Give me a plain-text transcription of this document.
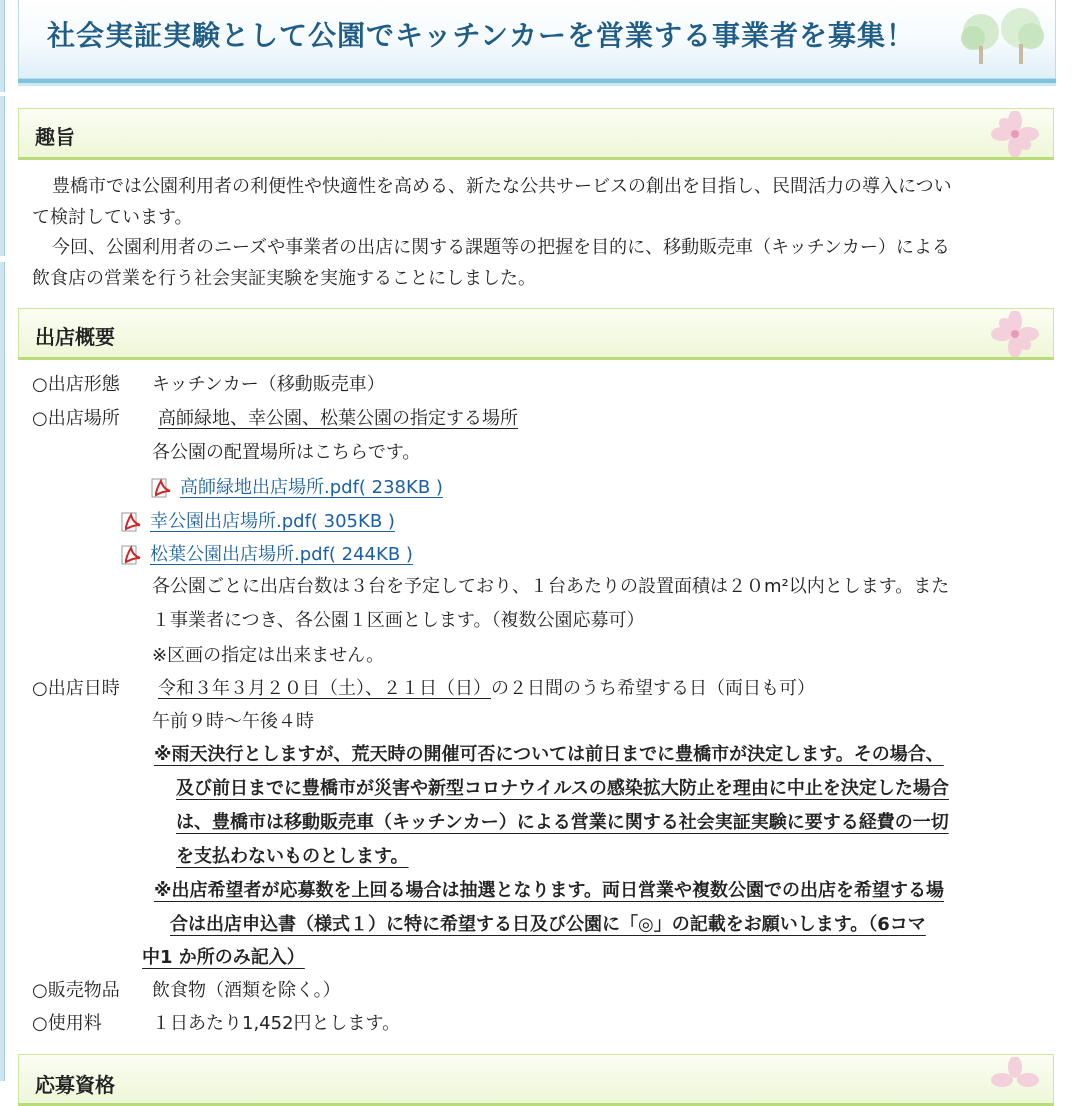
社会実証実験として公園でキッチンカーを営業する事業者を募集！
趣旨

豊橋市では公園利用者の利便性や快適性を高める、新たな公共サービスの創出を目指し、民間活力の導入につい
て検討しています。

今回、公園利用者のニーズや事業者の出店に関する課題等の把握を目的に、移動販売車（キッチンカー）による
飲食店の営業を行う社会実証実験を実施することにしました。

出店概要
○出店形態 キッチンカー（移動販売車）
○出店場所 高師緑地、幸公園、松葉公園の指定する場所
各公園の配置場所はこちらです。
高師緑地出店場所.pdf( 238KB )
幸公園出店場所.pdf( 305KB )
松葉公園出店場所.pdf( 244KB )
各公園ごとに出店台数は３台を予定しており、１台あたりの設置面積は２０m²以内とします。また
１事業者につき、各公園１区画とします。（複数公園応募可）
※区画の指定は出来ません。
○出店日時 令和３年３月２０日（土）、２１日（日）の２日間のうち希望する日（両日も可）
午前９時〜午後４時
※雨天決行としますが、荒天時の開催可否については前日までに豊橋市が決定します。その場合、
及び前日までに豊橋市が災害や新型コロナウイルスの感染拡大防止を理由に中止を決定した場合
は、豊橋市は移動販売車（キッチンカー）による営業に関する社会実証実験に要する経費の一切
を支払わないものとします。
※出店希望者が応募数を上回る場合は抽選となります。両日営業や複数公園での出店を希望する場
合は出店申込書（様式１）に特に希望する日及び公園に「◎」の記載をお願いします。（6コマ
中1 か所のみ記入）
○販売物品 飲食物（酒類を除く。）
○使用料	１日あたり1,452円とします。
応募資格
